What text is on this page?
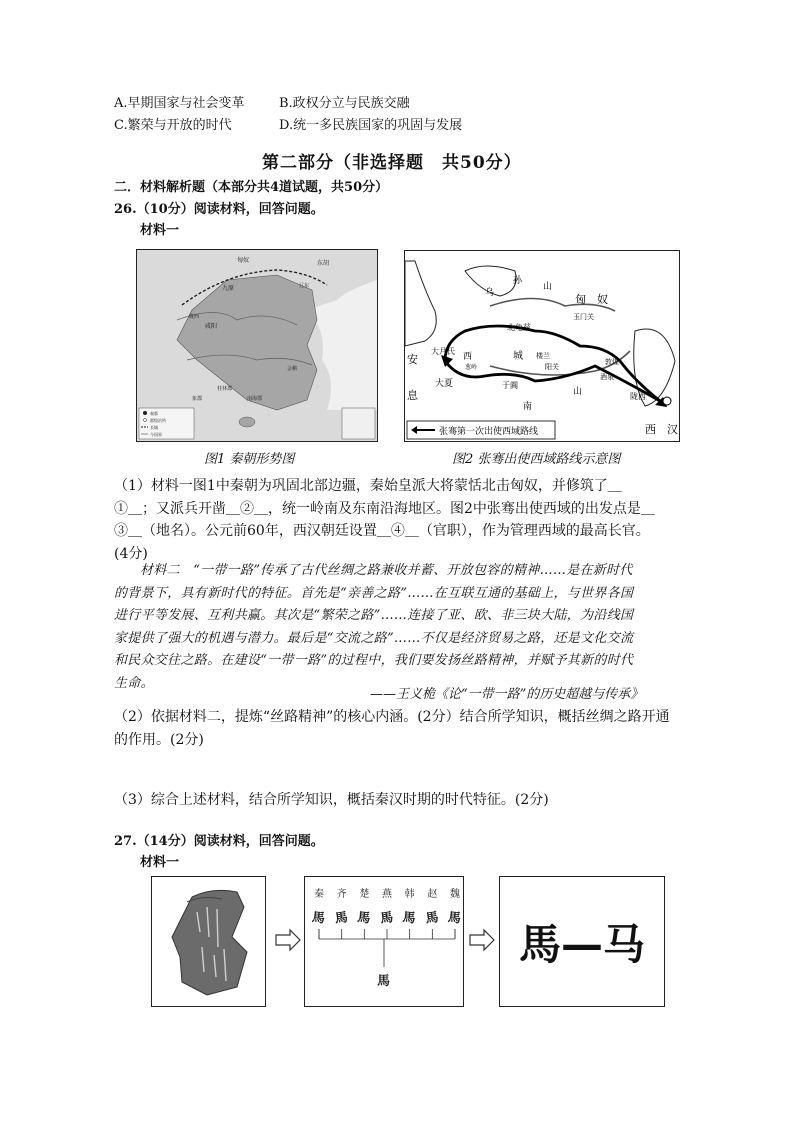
A.早期国家与社会变革	B.政权分立与民族交融
C.繁荣与开放的时代	D.统一多民族国家的巩固与发展
第二部分（非选择题　共50分）
二．材料解析题（本部分共4道试题，共50分）
26.（10分）阅读材料，回答问题。
材料一
九原
咸阳
陇西
辽东
会稽
南海郡
桂林郡
象郡
匈奴	东胡
秦都
郡级治所
长城
今国界
匈　奴
安
息
乌
孙
山
北龟兹
玉门关
大月氏
西
葱岭
城 楼兰
阳关
敦煌
酒泉
大夏	于阗
南
山	陇西
西　汉
张骞第一次出使西域路线
图1 秦朝形势图	图2 张骞出使西域路线示意图
（1）材料一图1中秦朝为巩固北部边疆，秦始皇派大将蒙恬北击匈奴，并修筑了＿
①＿；又派兵开凿＿②＿，统一岭南及东南沿海地区。图2中张骞出使西域的出发点是＿
③＿（地名）。公元前60年，西汉朝廷设置＿④＿（官职），作为管理西域的最高长官。
(4分)
材料二　“一带一路”传承了古代丝绸之路兼收并蓄、开放包容的精神……是在新时代
的背景下，具有新时代的特征。首先是“亲善之路”……在互联互通的基础上，与世界各国
进行平等发展、互利共赢。其次是“繁荣之路”……连接了亚、欧、非三块大陆，为沿线国
家提供了强大的机遇与潜力。最后是“交流之路”……不仅是经济贸易之路，还是文化交流
和民众交往之路。在建设“一带一路”的过程中，我们要发扬丝路精神，并赋予其新的时代
生命。
——王义桅《论“一带一路”的历史超越与传承》
（2）依据材料二，提炼“丝路精神”的核心内涵。(2分）结合所学知识，概括丝绸之路开通
的作用。(2分)
（3）综合上述材料，结合所学知识，概括秦汉时期的时代特征。(2分)
27.（14分）阅读材料，回答问题。
材料一
秦 齐 楚 燕 韩 赵 魏
馬 馬 馬 馬 馬 馬 馬
馬
馬—马
